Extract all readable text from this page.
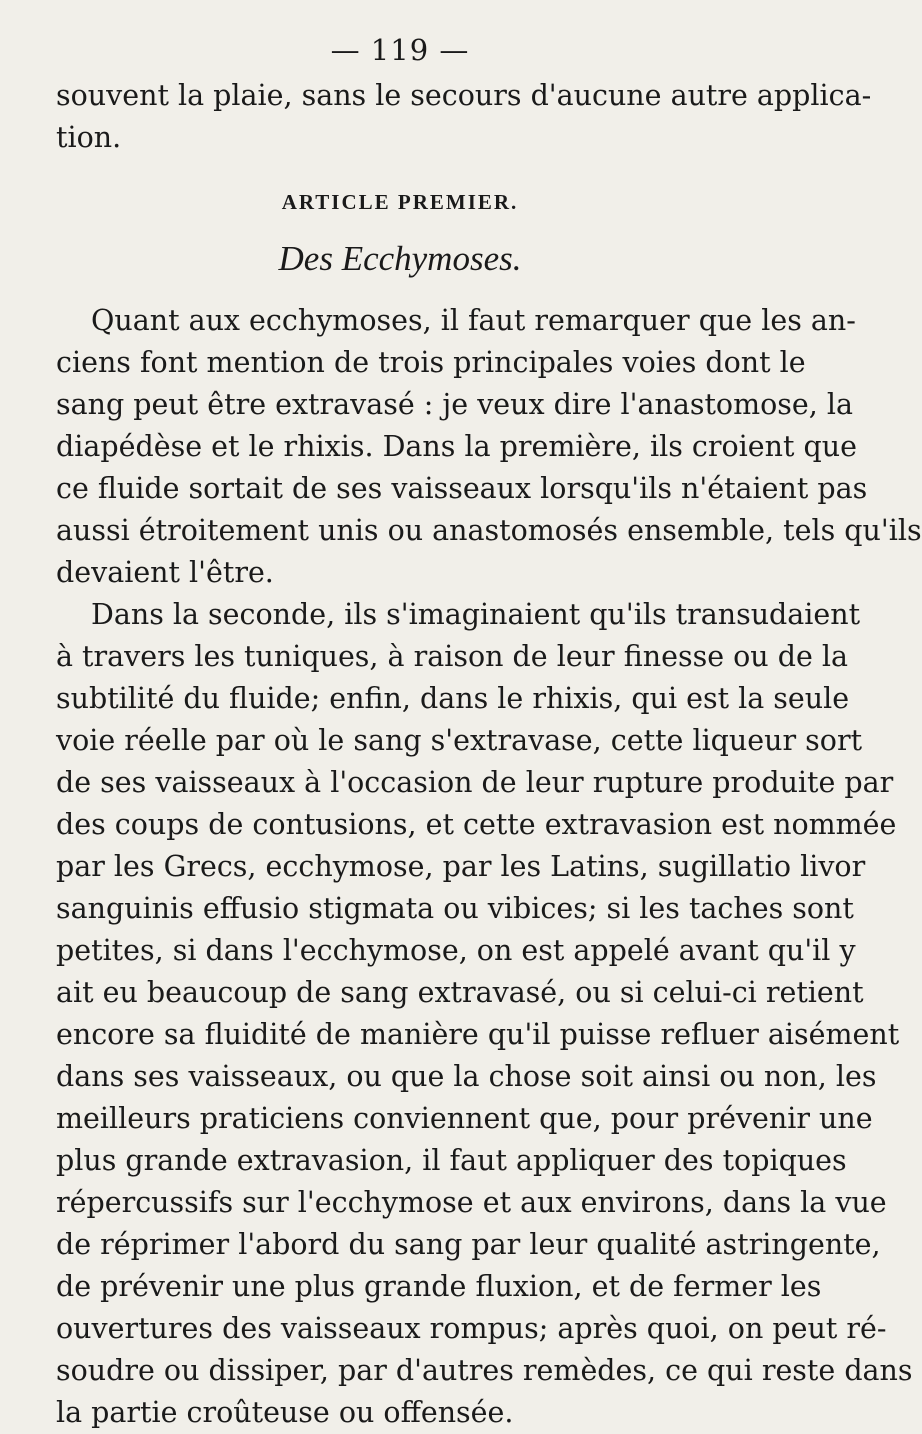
— 119 —
souvent la plaie, sans le secours d'aucune autre applica-
tion.
ARTICLE PREMIER.
Des Ecchymoses.
Quant aux ecchymoses, il faut remarquer que les an-
ciens font mention de trois principales voies dont le
sang peut être extravasé : je veux dire l'anastomose, la
diapédèse et le rhixis. Dans la première, ils croient que
ce fluide sortait de ses vaisseaux lorsqu'ils n'étaient pas
aussi étroitement unis ou anastomosés ensemble, tels qu'ils
devaient l'être.
Dans la seconde, ils s'imaginaient qu'ils transudaient
à travers les tuniques, à raison de leur finesse ou de la
subtilité du fluide; enfin, dans le rhixis, qui est la seule
voie réelle par où le sang s'extravase, cette liqueur sort
de ses vaisseaux à l'occasion de leur rupture produite par
des coups de contusions, et cette extravasion est nommée
par les Grecs, ecchymose, par les Latins, sugillatio livor
sanguinis effusio stigmata ou vibices; si les taches sont
petites, si dans l'ecchymose, on est appelé avant qu'il y
ait eu beaucoup de sang extravasé, ou si celui-ci retient
encore sa fluidité de manière qu'il puisse refluer aisément
dans ses vaisseaux, ou que la chose soit ainsi ou non, les
meilleurs praticiens conviennent que, pour prévenir une
plus grande extravasion, il faut appliquer des topiques
répercussifs sur l'ecchymose et aux environs, dans la vue
de réprimer l'abord du sang par leur qualité astringente,
de prévenir une plus grande fluxion, et de fermer les
ouvertures des vaisseaux rompus; après quoi, on peut ré-
soudre ou dissiper, par d'autres remèdes, ce qui reste dans
la partie croûteuse ou offensée.
